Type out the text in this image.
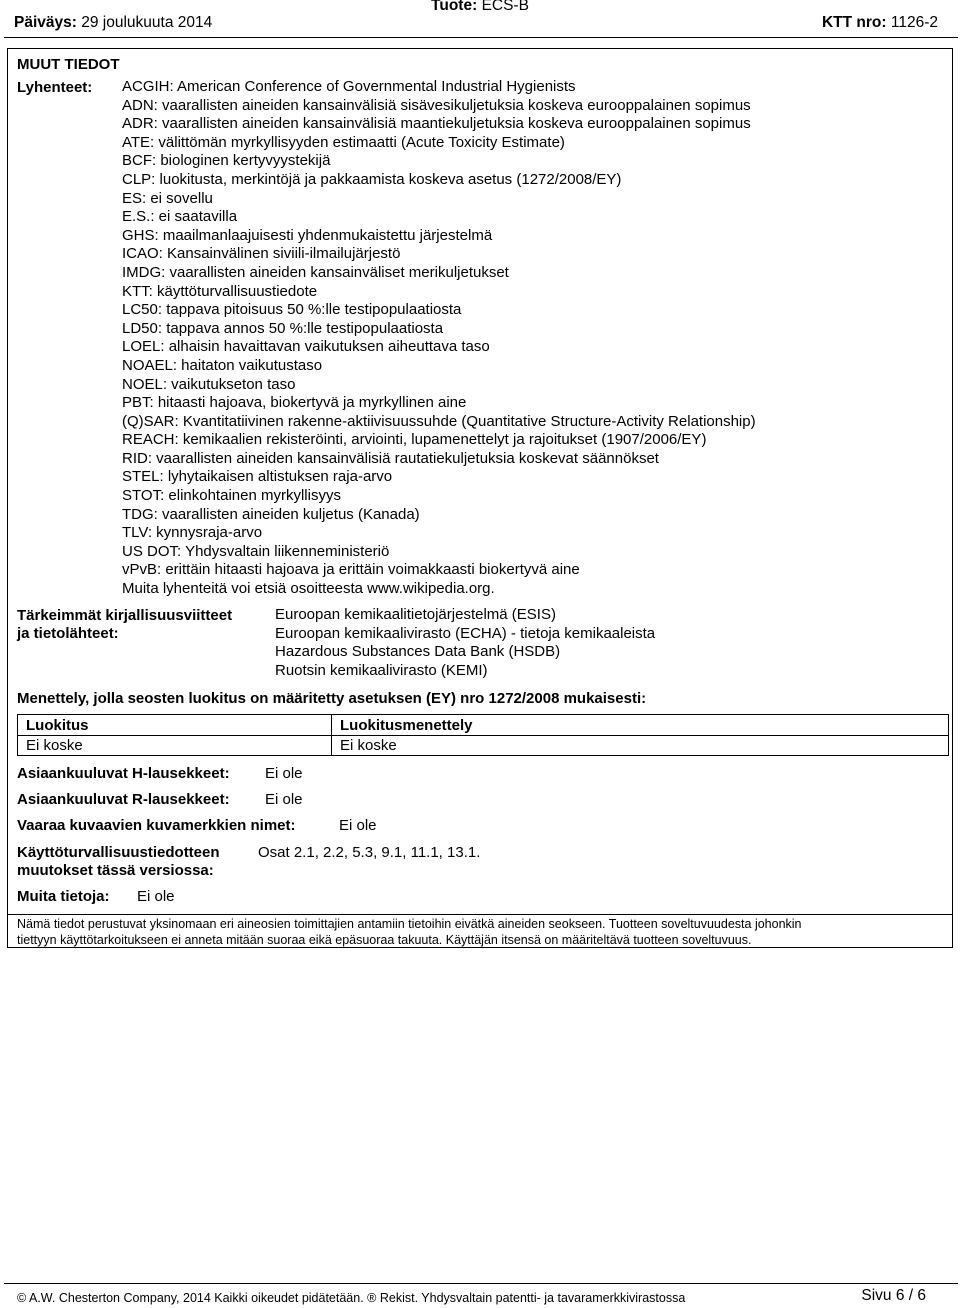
Päiväys: 29 joulukuuta 2014
Tuote: ECS-B
KTT nro: 1126-2
MUUT TIEDOT
Lyhenteet: ACGIH: American Conference of Governmental Industrial Hygienists
ADN: vaarallisten aineiden kansainvälisiä sisävesikuljetuksia koskeva eurooppalainen sopimus
ADR: vaarallisten aineiden kansainvälisiä maantiekuljetuksia koskeva eurooppalainen sopimus
ATE: välittömän myrkyllisyyden estimaatti (Acute Toxicity Estimate)
BCF: biologinen kertyvyystekijä
CLP: luokitusta, merkintöjä ja pakkaamista koskeva asetus (1272/2008/EY)
ES: ei sovellu
E.S.: ei saatavilla
GHS: maailmanlaajuisesti yhdenmukaistettu järjestelmä
ICAO: Kansainvälinen siviili-ilmailujärjestö
IMDG: vaarallisten aineiden kansainväliset merikuljetukset
KTT: käyttöturvallisuustiedote
LC50: tappava pitoisuus 50 %:lle testipopulaatiosta
LD50: tappava annos 50 %:lle testipopulaatiosta
LOEL: alhaisin havaittavan vaikutuksen aiheuttava taso
NOAEL: haitaton vaikutustaso
NOEL: vaikutukseton taso
PBT: hitaasti hajoava, biokertyvä ja myrkyllinen aine
(Q)SAR: Kvantitatiivinen rakenne-aktiivisuussuhde (Quantitative Structure-Activity Relationship)
REACH: kemikaalien rekisteröinti, arviointi, lupamenettelyt ja rajoitukset (1907/2006/EY)
RID: vaarallisten aineiden kansainvälisiä rautatiekuljetuksia koskevat säännökset
STEL: lyhytaikaisen altistuksen raja-arvo
STOT: elinkohtainen myrkyllisyys
TDG: vaarallisten aineiden kuljetus (Kanada)
TLV: kynnysraja-arvo
US DOT: Yhdysvaltain liikenneministeriö
vPvB: erittäin hitaasti hajoava ja erittäin voimakkaasti biokertyvä aine
Muita lyhenteitä voi etsiä osoitteesta www.wikipedia.org.
Tärkeimmät kirjallisuusviitteet
ja tietolähteet:
Euroopan kemikaalitietojärjestelmä (ESIS)
Euroopan kemikaalivirasto (ECHA) - tietoja kemikaaleista
Hazardous Substances Data Bank (HSDB)
Ruotsin kemikaalivirasto (KEMI)
Menettely, jolla seosten luokitus on määritetty asetuksen (EY) nro 1272/2008 mukaisesti:
Luokitus	Luokitusmenettely
Ei koske	Ei koske
Asiaankuuluvat H-lausekkeet: Ei ole
Asiaankuuluvat R-lausekkeet: Ei ole
Vaaraa kuvaavien kuvamerkkien nimet:	Ei ole
Käyttöturvallisuustiedotteen
muutokset tässä versiossa:
Osat 2.1, 2.2, 5.3, 9.1, 11.1, 13.1.
Muita tietoja: Ei ole
Nämä tiedot perustuvat yksinomaan eri aineosien toimittajien antamiin tietoihin eivätkä aineiden seokseen. Tuotteen soveltuvuudesta johonkin
tiettyyn käyttötarkoitukseen ei anneta mitään suoraa eikä epäsuoraa takuuta. Käyttäjän itsensä on määriteltävä tuotteen soveltuvuus.
© A.W. Chesterton Company, 2014 Kaikki oikeudet pidätetään. ® Rekist. Yhdysvaltain patentti- ja tavaramerkkivirastossa	Sivu 6 / 6
